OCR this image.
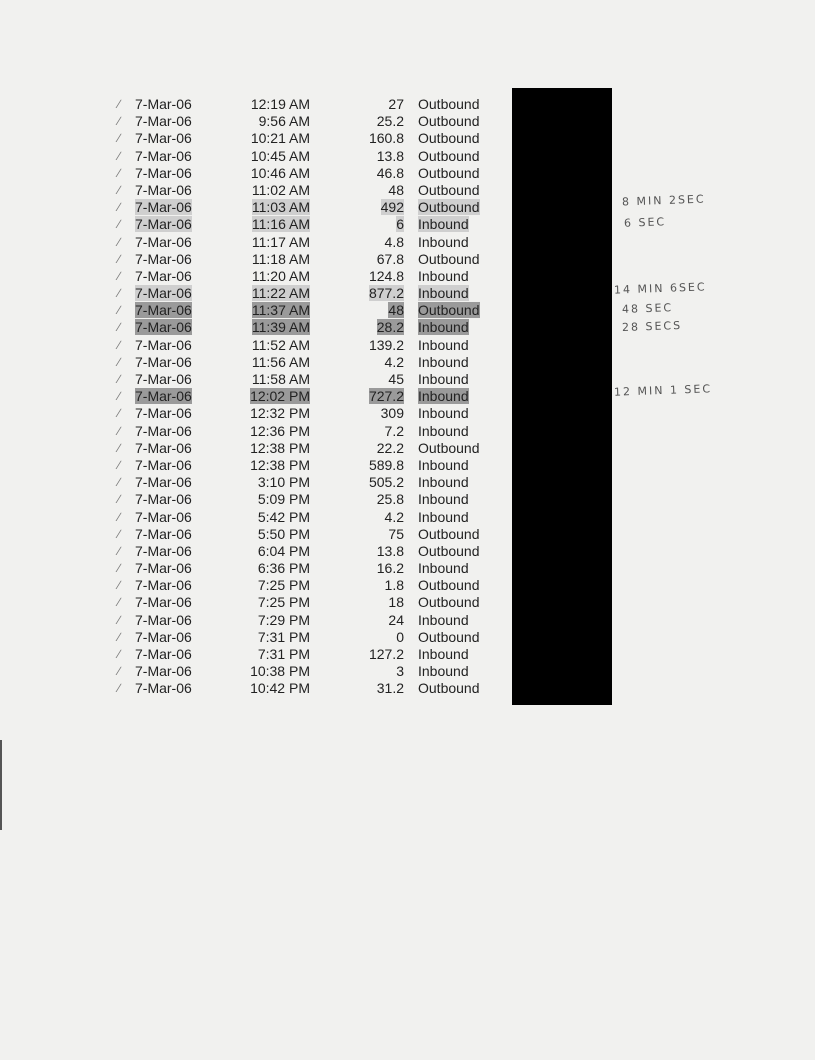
∕	7-Mar-06	12:19 AM	27 Outbound
∕	7-Mar-06	9:56 AM	25.2 Outbound
∕	7-Mar-06	10:21 AM	160.8 Outbound
∕	7-Mar-06	10:45 AM	13.8 Outbound
∕	7-Mar-06	10:46 AM	46.8 Outbound
∕	7-Mar-06	11:02 AM	48 Outbound
∕	7-Mar-06	11:03 AM	492 Outbound
∕	7-Mar-06	11:16 AM	6 Inbound
∕	7-Mar-06	11:17 AM	4.8 Inbound
∕	7-Mar-06	11:18 AM	67.8 Outbound
∕	7-Mar-06	11:20 AM	124.8 Inbound
∕	7-Mar-06	11:22 AM	877.2 Inbound
∕	7-Mar-06	11:37 AM	48 Outbound
∕	7-Mar-06	11:39 AM	28.2 Inbound
∕	7-Mar-06	11:52 AM	139.2 Inbound
∕	7-Mar-06	11:56 AM	4.2 Inbound
∕	7-Mar-06	11:58 AM	45 Inbound
∕	7-Mar-06	12:02 PM	727.2 Inbound
∕	7-Mar-06	12:32 PM	309 Inbound
∕	7-Mar-06	12:36 PM	7.2 Inbound
∕	7-Mar-06	12:38 PM	22.2 Outbound
∕	7-Mar-06	12:38 PM	589.8 Inbound
∕	7-Mar-06	3:10 PM	505.2 Inbound
∕	7-Mar-06	5:09 PM	25.8 Inbound
∕	7-Mar-06	5:42 PM	4.2 Inbound
∕	7-Mar-06	5:50 PM	75 Outbound
∕	7-Mar-06	6:04 PM	13.8 Outbound
∕	7-Mar-06	6:36 PM	16.2 Inbound
∕	7-Mar-06	7:25 PM	1.8 Outbound
∕	7-Mar-06	7:25 PM	18 Outbound
∕	7-Mar-06	7:29 PM	24 Inbound
∕	7-Mar-06	7:31 PM	0 Outbound
∕	7-Mar-06	7:31 PM	127.2 Inbound
∕	7-Mar-06	10:38 PM	3 Inbound
∕	7-Mar-06	10:42 PM	31.2 Outbound
8 MIN 2SEC
6 SEC
14 MIN 6SEC
48 SEC
28 SECS
12 MIN 1 SEC
